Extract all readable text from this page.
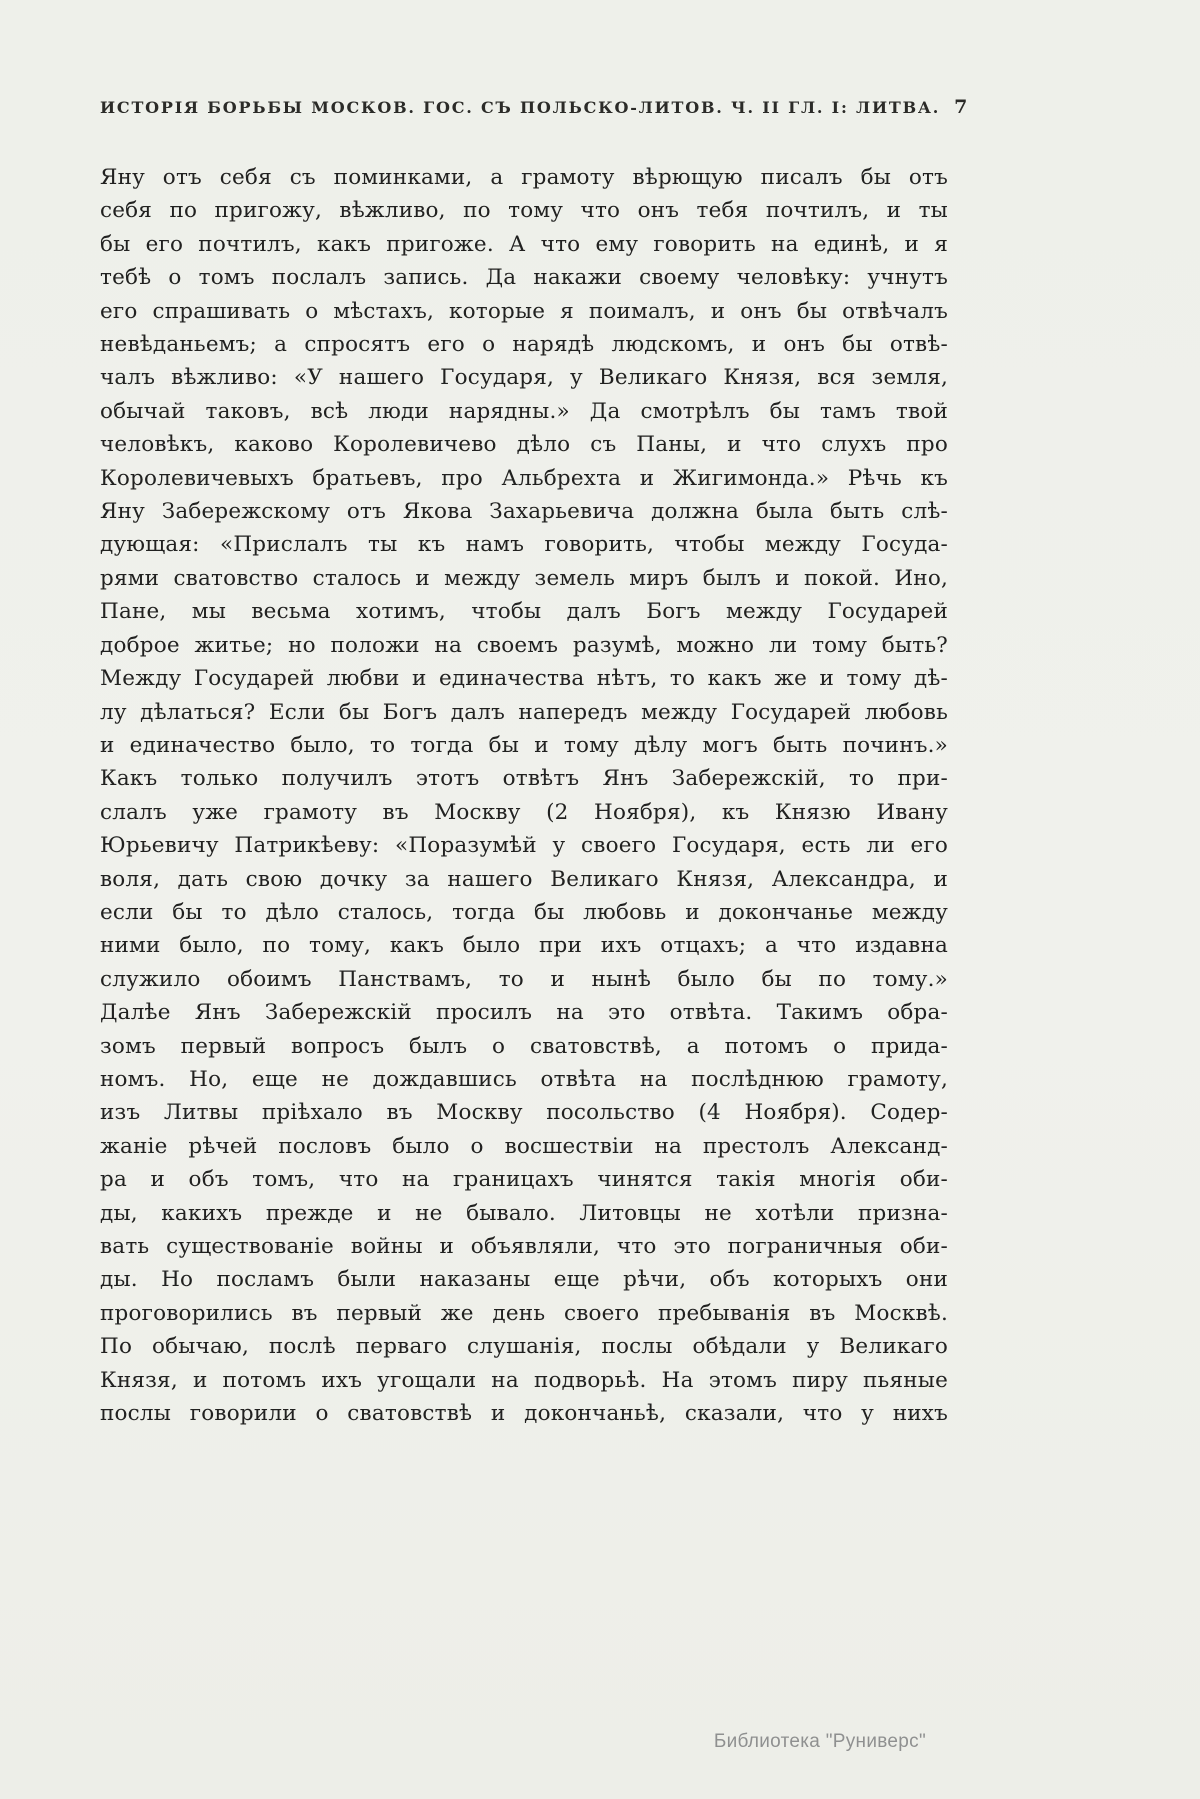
ИСТОРІЯ БОРЬБЫ МОСКОВ. ГОС. СЪ ПОЛЬСКО-ЛИТОВ. Ч. II ГЛ. I: ЛИТВА. 7
Яну отъ себя съ поминками, а грамоту вѣрющую писалъ бы отъ
себя по пригожу, вѣжливо, по тому что онъ тебя почтилъ, и ты
бы его почтилъ, какъ пригоже. А что ему говорить на единѣ, и я
тебѣ о томъ послалъ запись. Да накажи своему человѣку: учнутъ
его спрашивать о мѣстахъ, которые я поималъ, и онъ бы отвѣчалъ
невѣданьемъ; а спросятъ его о нарядѣ людскомъ, и онъ бы отвѣ-
чалъ вѣжливо: «У нашего Государя, у Великаго Князя, вся земля,
обычай таковъ, всѣ люди нарядны.» Да смотрѣлъ бы тамъ твой
человѣкъ, каково Королевичево дѣло съ Паны, и что слухъ про
Королевичевыхъ братьевъ, про Альбрехта и Жигимонда.» Рѣчь къ
Яну Забережскому отъ Якова Захарьевича должна была быть слѣ-
дующая: «Прислалъ ты къ намъ говорить, чтобы между Госуда-
рями сватовство сталось и между земель миръ былъ и покой. Ино,
Пане, мы весьма хотимъ, чтобы далъ Богъ между Государей
доброе житье; но положи на своемъ разумѣ, можно ли тому быть?
Между Государей любви и единачества нѣтъ, то какъ же и тому дѣ-
лу дѣлаться? Если бы Богъ далъ напередъ между Государей любовь
и единачество было, то тогда бы и тому дѣлу могъ быть починъ.»
Какъ только получилъ этотъ отвѣтъ Янъ Забережскій, то при-
слалъ уже грамоту въ Москву (2 Ноября), къ Князю Ивану
Юрьевичу Патрикѣеву: «Поразумѣй у своего Государя, есть ли его
воля, дать свою дочку за нашего Великаго Князя, Александра, и
если бы то дѣло сталось, тогда бы любовь и докончанье между
ними было, по тому, какъ было при ихъ отцахъ; а что издавна
служило обоимъ Панствамъ, то и нынѣ было бы по тому.»
Далѣе Янъ Забережскій просилъ на это отвѣта. Такимъ обра-
зомъ первый вопросъ былъ о сватовствѣ, а потомъ о прида-
номъ. Но, еще не дождавшись отвѣта на послѣднюю грамоту,
изъ Литвы пріѣхало въ Москву посольство (4 Ноября). Содер-
жаніе рѣчей пословъ было о восшествіи на престолъ Александ-
ра и объ томъ, что на границахъ чинятся такія многія оби-
ды, какихъ прежде и не бывало. Литовцы не хотѣли призна-
вать существованіе войны и объявляли, что это пограничныя оби-
ды. Но посламъ были наказаны еще рѣчи, объ которыхъ они
проговорились въ первый же день своего пребыванія въ Москвѣ.
По обычаю, послѣ перваго слушанія, послы обѣдали у Великаго
Князя, и потомъ ихъ угощали на подворьѣ. На этомъ пиру пьяные
послы говорили о сватовствѣ и докончаньѣ, сказали, что у нихъ
Библиотека "Руниверс"
